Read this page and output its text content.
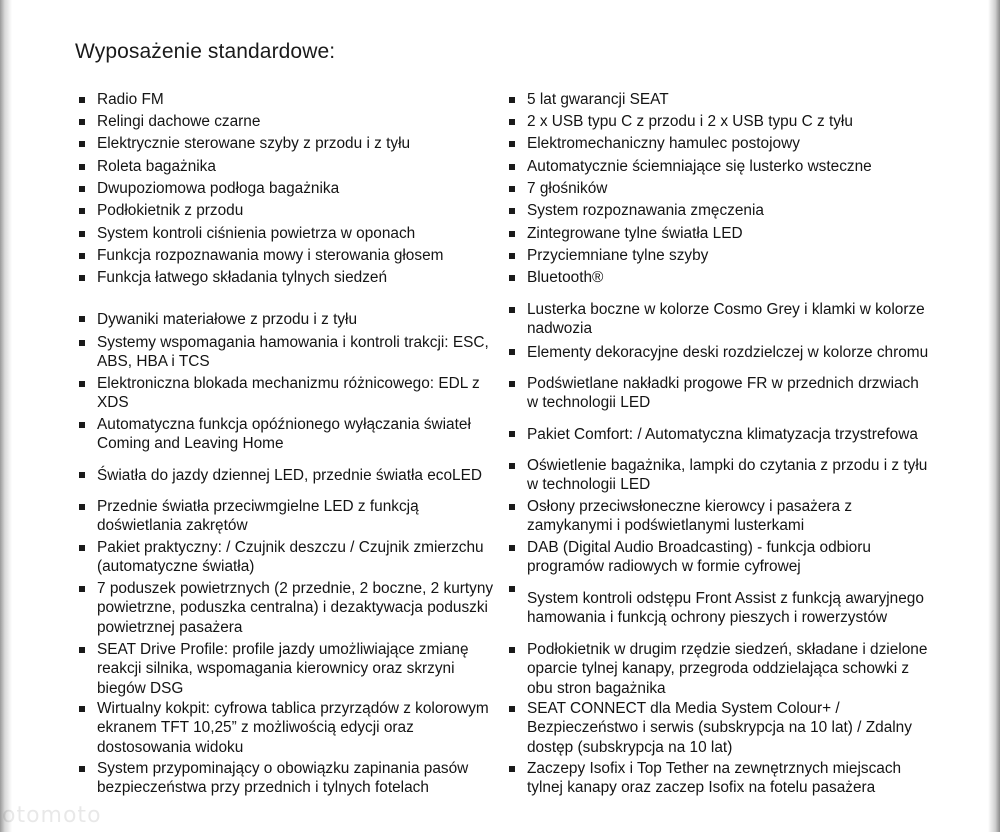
Wyposażenie standardowe:
Radio FM
Relingi dachowe czarne
Elektrycznie sterowane szyby z przodu i z tyłu
Roleta bagażnika
Dwupoziomowa podłoga bagażnika
Podłokietnik z przodu
System kontroli ciśnienia powietrza w oponach
Funkcja rozpoznawania mowy i sterowania głosem
Funkcja łatwego składania tylnych siedzeń
Dywaniki materiałowe z przodu i z tyłu
Systemy wspomagania hamowania i kontroli trakcji: ESC, ABS, HBA i TCS
Elektroniczna blokada mechanizmu różnicowego: EDL z XDS
Automatyczna funkcja opóźnionego wyłączania świateł Coming and Leaving Home
Światła do jazdy dziennej LED, przednie światła ecoLED
Przednie światła przeciwmgielne LED z funkcją doświetlania zakrętów
Pakiet praktyczny: / Czujnik deszczu / Czujnik zmierzchu (automatyczne światła)
7 poduszek powietrznych (2 przednie, 2 boczne, 2 kurtyny powietrzne, poduszka centralna) i dezaktywacja poduszki powietrznej pasażera
SEAT Drive Profile: profile jazdy umożliwiające zmianę reakcji silnika, wspomagania kierownicy oraz skrzyni biegów DSG
Wirtualny kokpit: cyfrowa tablica przyrządów z kolorowym ekranem TFT 10,25” z możliwością edycji oraz dostosowania widoku
System przypominający o obowiązku zapinania pasów bezpieczeństwa przy przednich i tylnych fotelach
5 lat gwarancji SEAT
2 x USB typu C z przodu i 2 x USB typu C z tyłu
Elektromechaniczny hamulec postojowy
Automatycznie ściemniające się lusterko wsteczne
7 głośników
System rozpoznawania zmęczenia
Zintegrowane tylne światła LED
Przyciemniane tylne szyby
Bluetooth®
Lusterka boczne w kolorze Cosmo Grey i klamki w kolorze nadwozia
Elementy dekoracyjne deski rozdzielczej w kolorze chromu
Podświetlane nakładki progowe FR w przednich drzwiach w technologii LED
Pakiet Comfort: / Automatyczna klimatyzacja trzystrefowa
Oświetlenie bagażnika, lampki do czytania z przodu i z tyłu w technologii LED
Osłony przeciwsłoneczne kierowcy i pasażera z zamykanymi i podświetlanymi lusterkami
DAB (Digital Audio Broadcasting) - funkcja odbioru programów radiowych w formie cyfrowej
System kontroli odstępu Front Assist z funkcją awaryjnego hamowania i funkcją ochrony pieszych i rowerzystów
Podłokietnik w drugim rzędzie siedzeń, składane i dzielone oparcie tylnej kanapy, przegroda oddzielająca schowki z obu stron bagażnika
SEAT CONNECT dla Media System Colour+ / Bezpieczeństwo i serwis (subskrypcja na 10 lat) / Zdalny dostęp (subskrypcja na 10 lat)
Zaczepy Isofix i Top Tether na zewnętrznych miejscach tylnej kanapy oraz zaczep Isofix na fotelu pasażera
otomoto
